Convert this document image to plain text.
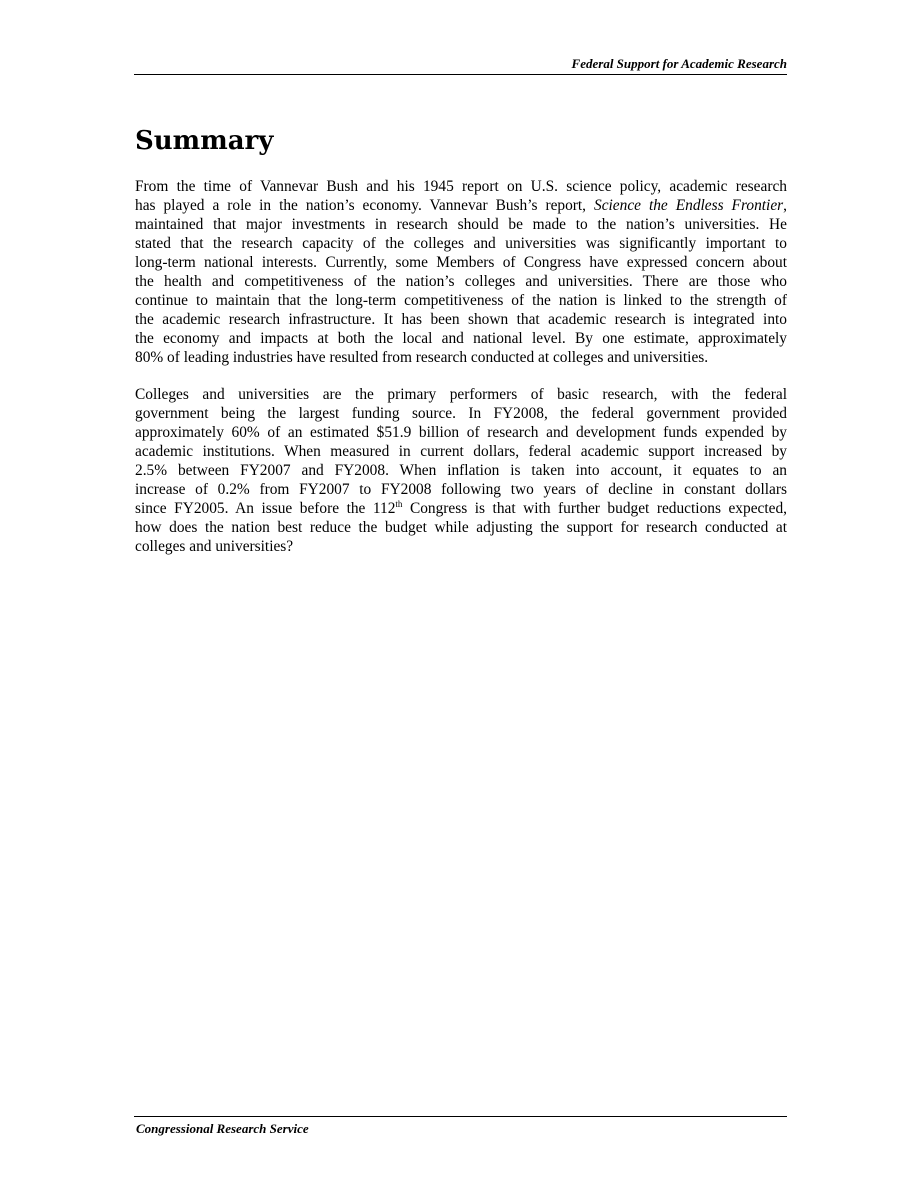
Federal Support for Academic Research
Summary
From the time of Vannevar Bush and his 1945 report on U.S. science policy, academic research
has played a role in the nation’s economy. Vannevar Bush’s report, Science the Endless Frontier,
maintained that major investments in research should be made to the nation’s universities. He
stated that the research capacity of the colleges and universities was significantly important to
long-term national interests. Currently, some Members of Congress have expressed concern about
the health and competitiveness of the nation’s colleges and universities. There are those who
continue to maintain that the long-term competitiveness of the nation is linked to the strength of
the academic research infrastructure. It has been shown that academic research is integrated into
the economy and impacts at both the local and national level. By one estimate, approximately
80% of leading industries have resulted from research conducted at colleges and universities.
Colleges and universities are the primary performers of basic research, with the federal
government being the largest funding source. In FY2008, the federal government provided
approximately 60% of an estimated $51.9 billion of research and development funds expended by
academic institutions. When measured in current dollars, federal academic support increased by
2.5% between FY2007 and FY2008. When inflation is taken into account, it equates to an
increase of 0.2% from FY2007 to FY2008 following two years of decline in constant dollars
since FY2005. An issue before the 112th Congress is that with further budget reductions expected,
how does the nation best reduce the budget while adjusting the support for research conducted at
colleges and universities?
Congressional Research Service
